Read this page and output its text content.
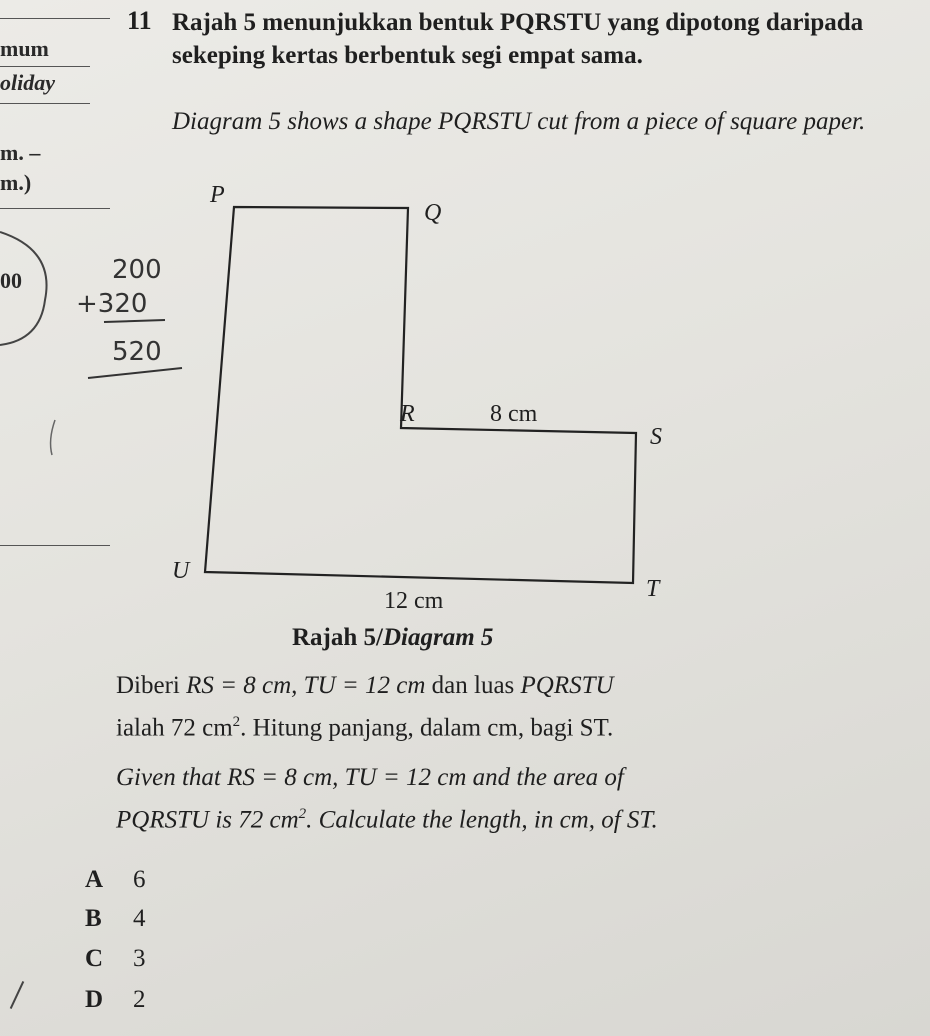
mum
oliday
m. –
m.)
00
11 Rajah 5 menunjukkan bentuk PQRSTU yang dipotong daripada sekeping kertas berbentuk segi empat sama.
Diagram 5 shows a shape PQRSTU cut from a piece of square paper.
200
+320
520
P
Q
R
S
T
U
8 cm
12 cm
Rajah 5/Diagram 5
Diberi RS = 8 cm, TU = 12 cm dan luas PQRSTU
ialah 72 $cm^2$. Hitung panjang, dalam cm, bagi ST.
Given that RS = 8 cm, TU = 12 cm and the area of
PQRSTU is 72 $cm^2$. Calculate the length, in cm, of ST.
A 6
B 4
C 3
D 2
